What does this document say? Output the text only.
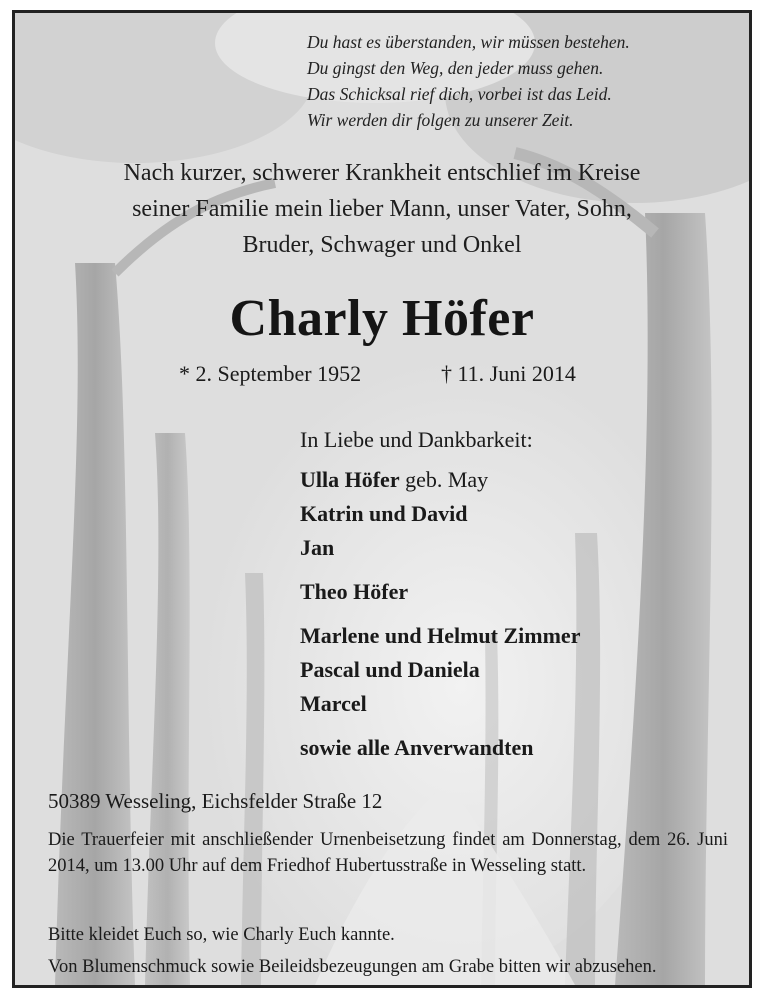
Du hast es überstanden, wir müssen bestehen.
Du gingst den Weg, den jeder muss gehen.
Das Schicksal rief dich, vorbei ist das Leid.
Wir werden dir folgen zu unserer Zeit.
Nach kurzer, schwerer Krankheit entschlief im Kreise
seiner Familie mein lieber Mann, unser Vater, Sohn,
Bruder, Schwager und Onkel
Charly Höfer
* 2. September 1952	† 11. Juni 2014
In Liebe und Dankbarkeit:
Ulla Höfer geb. May
Katrin und David
Jan
Theo Höfer
Marlene und Helmut Zimmer
Pascal und Daniela
Marcel
sowie alle Anverwandten
50389 Wesseling, Eichsfelder Straße 12
Die Trauerfeier mit anschließender Urnenbeisetzung findet am Donnerstag, dem 26. Juni 2014, um 13.00 Uhr auf dem Friedhof Hubertusstraße in Wesseling statt.
Bitte kleidet Euch so, wie Charly Euch kannte.
Von Blumenschmuck sowie Beileidsbezeugungen am Grabe bitten wir abzusehen.
